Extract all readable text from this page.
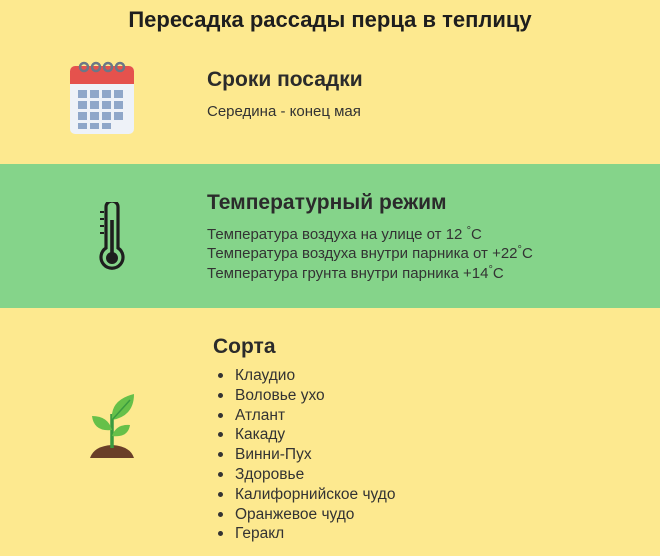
Пересадка рассады перца в теплицу
Сроки посадки
Середина - конец мая
Температурный режим
Температура воздуха на улице от 12 °C
Температура воздуха внутри парника от +22°C
Температура грунта внутри парника +14°C
Сорта
Клаудио
Воловье ухо
Атлант
Какаду
Винни-Пух
Здоровье
Калифорнийское чудо
Оранжевое чудо
Геракл
